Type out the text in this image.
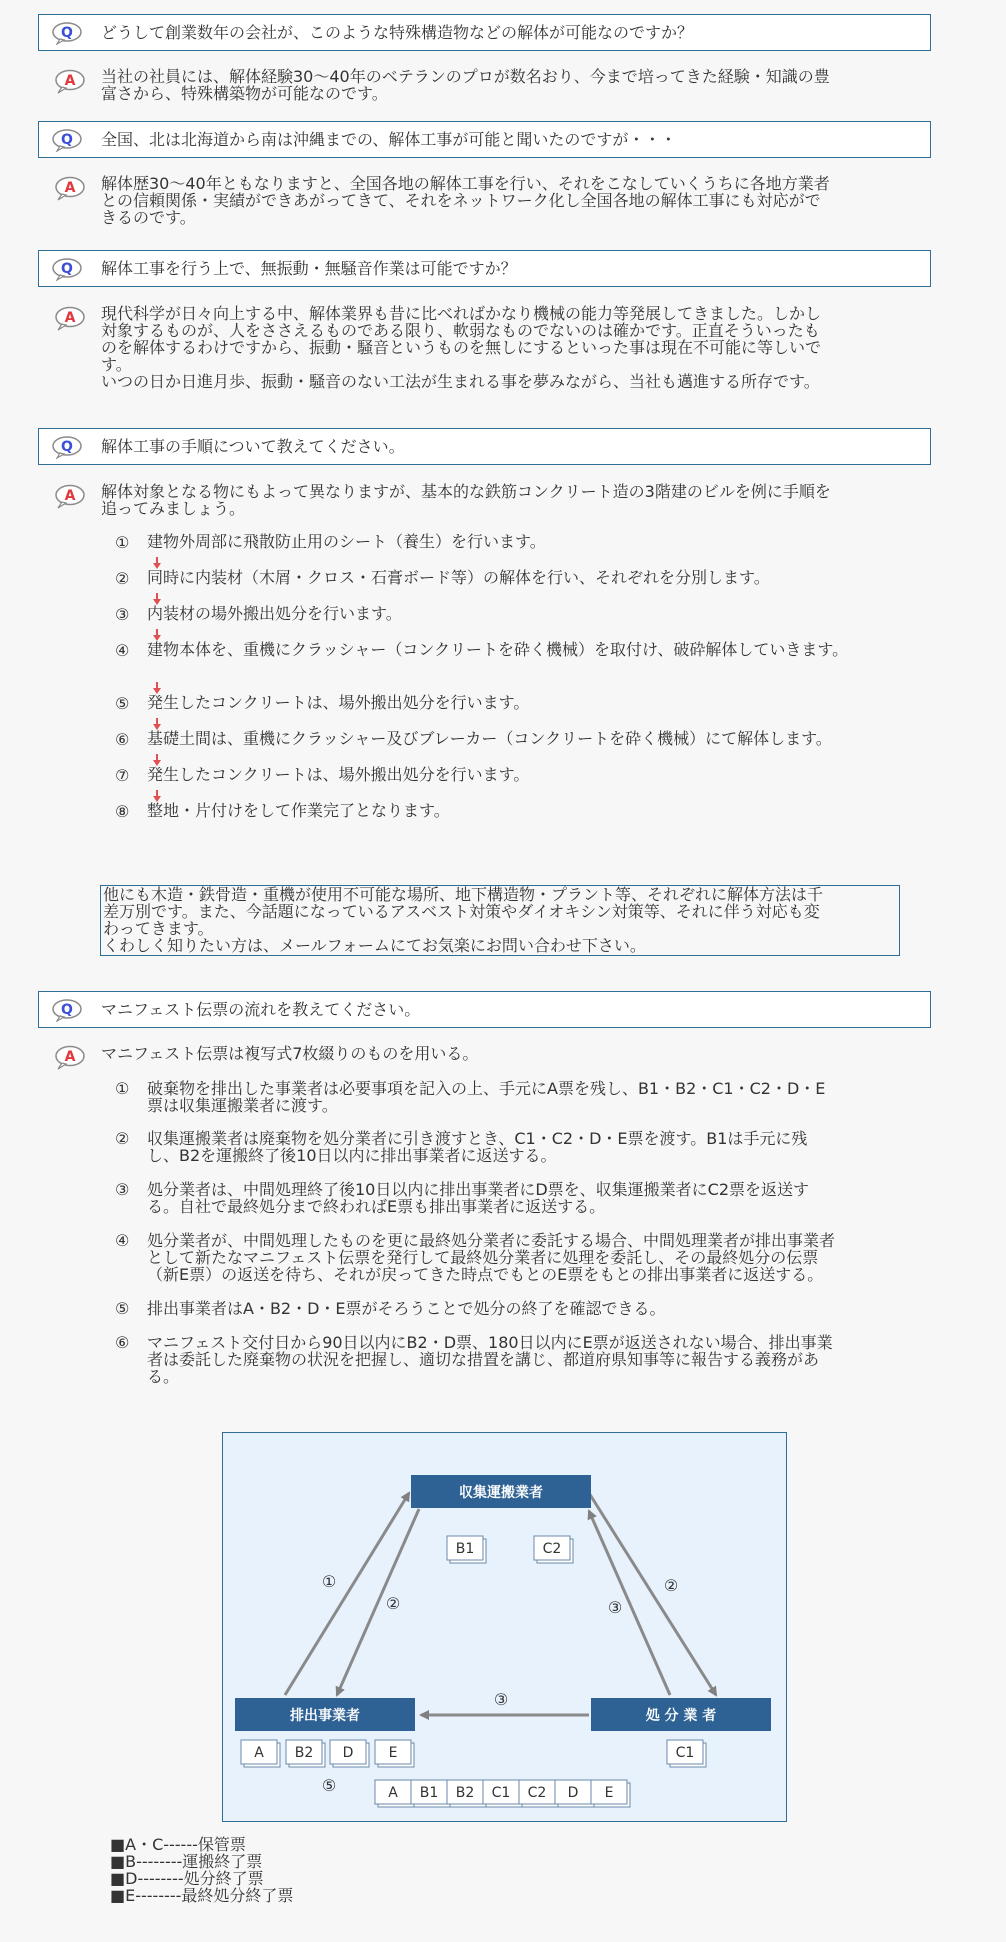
Q どうして創業数年の会社が、このような特殊構造物などの解体が可能なのですか？
A 当社の社員には、解体経験30～40年のベテランのプロが数名おり、今まで培ってきた経験・知識の豊
富さから、特殊構築物が可能なのです。
Q 全国、北は北海道から南は沖縄までの、解体工事が可能と聞いたのですが・・・
A 解体歴30～40年ともなりますと、全国各地の解体工事を行い、それをこなしていくうちに各地方業者
との信頼関係・実績ができあがってきて、それをネットワーク化し全国各地の解体工事にも対応がで
きるのです。
Q 解体工事を行う上で、無振動・無騒音作業は可能ですか？
A 現代科学が日々向上する中、解体業界も昔に比べればかなり機械の能力等発展してきました。しかし
対象するものが、人をささえるものである限り、軟弱なものでないのは確かです。正直そういったも
のを解体するわけですから、振動・騒音というものを無しにするといった事は現在不可能に等しいで
す。
いつの日か日進月歩、振動・騒音のない工法が生まれる事を夢みながら、当社も邁進する所存です。
Q 解体工事の手順について教えてください。
A 解体対象となる物にもよって異なりますが、基本的な鉄筋コンクリート造の3階建のビルを例に手順を
追ってみましょう。
① 建物外周部に飛散防止用のシート（養生）を行います。
② 同時に内装材（木屑・クロス・石膏ボード等）の解体を行い、それぞれを分別します。
③ 内装材の場外搬出処分を行います。
④ 建物本体を、重機にクラッシャー（コンクリートを砕く機械）を取付け、破砕解体していきます。
⑤ 発生したコンクリートは、場外搬出処分を行います。
⑥ 基礎土間は、重機にクラッシャー及びブレーカー（コンクリートを砕く機械）にて解体します。
⑦ 発生したコンクリートは、場外搬出処分を行います。
⑧ 整地・片付けをして作業完了となります。
他にも木造・鉄骨造・重機が使用不可能な場所、地下構造物・プラント等、それぞれに解体方法は千
差万別です。また、今話題になっているアスベスト対策やダイオキシン対策等、それに伴う対応も変
わってきます。
くわしく知りたい方は、メールフォームにてお気楽にお問い合わせ下さい。
Q マニフェスト伝票の流れを教えてください。
A マニフェスト伝票は複写式7枚綴りのものを用いる。
① 破棄物を排出した事業者は必要事項を記入の上、手元にA票を残し、B1・B2・C1・C2・D・E
票は収集運搬業者に渡す。
② 収集運搬業者は廃棄物を処分業者に引き渡すとき、C1・C2・D・E票を渡す。B1は手元に残
し、B2を運搬終了後10日以内に排出事業者に返送する。
③ 処分業者は、中間処理終了後10日以内に排出事業者にD票を、収集運搬業者にC2票を返送す
る。自社で最終処分まで終わればE票も排出事業者に返送する。
④ 処分業者が、中間処理したものを更に最終処分業者に委託する場合、中間処理業者が排出事業者
として新たなマニフェスト伝票を発行して最終処分業者に処理を委託し、その最終処分の伝票
（新E票）の返送を待ち、それが戻ってきた時点でもとのE票をもとの排出事業者に返送する。
⑤ 排出事業者はA・B2・D・E票がそろうことで処分の終了を確認できる。
⑥ マニフェスト交付日から90日以内にB2・D票、180日以内にE票が返送されない場合、排出事業
者は委託した廃棄物の状況を把握し、適切な措置を講じ、都道府県知事等に報告する義務があ
る。
①
②
②
③
③
⑤
収集運搬業者
排出事業者	処 分 業 者
B1	C2
A B2 D	E	C1
A B1 B2 C1 C2 D E
■A・C------保管票
■B--------運搬終了票
■D--------処分終了票
■E--------最終処分終了票
